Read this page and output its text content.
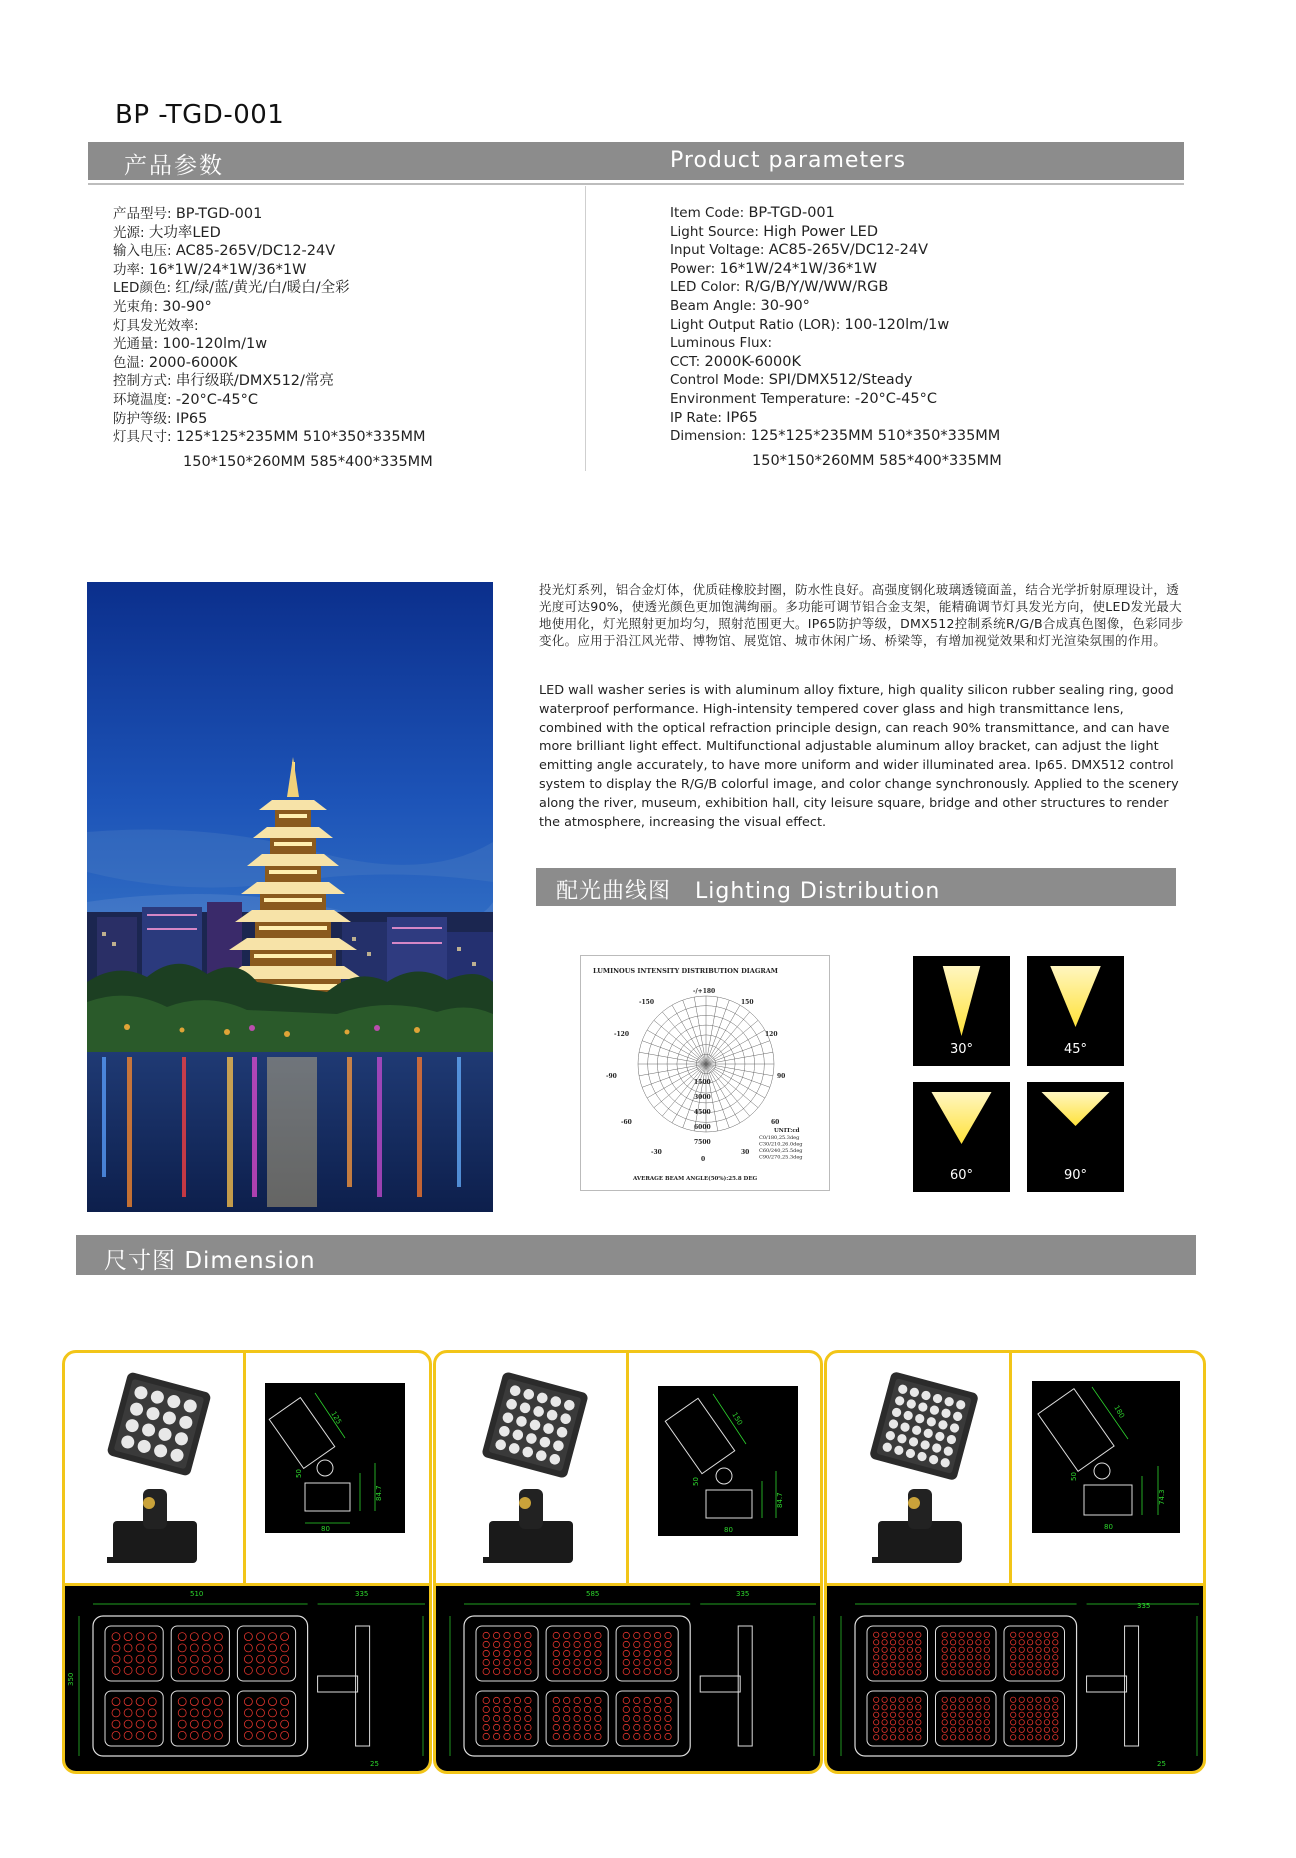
BP -TGD-001
产品参数	Product parameters
产品型号: BP-TGD-001
光源: 大功率LED
输入电压: AC85-265V/DC12-24V
功率: 16*1W/24*1W/36*1W
LED颜色: 红/绿/蓝/黄光/白/暖白/全彩
光束角: 30-90°
灯具发光效率:
光通量: 100-120lm/1w
色温: 2000-6000K
控制方式: 串行级联/DMX512/常亮
环境温度: -20°C-45°C
防护等级: IP65
灯具尺寸: 125*125*235MM 510*350*335MM
150*150*260MM 585*400*335MM
Item Code: BP-TGD-001
Light Source: High Power LED
Input Voltage: AC85-265V/DC12-24V
Power: 16*1W/24*1W/36*1W
LED Color: R/G/B/Y/W/WW/RGB
Beam Angle: 30-90°
Light Output Ratio (LOR): 100-120lm/1w
Luminous Flux:
CCT: 2000K-6000K
Control Mode: SPI/DMX512/Steady
Environment Temperature: -20°C-45°C
IP Rate: IP65
Dimension: 125*125*235MM 510*350*335MM
150*150*260MM 585*400*335MM
投光灯系列，铝合金灯体，优质硅橡胶封圈，防水性良好。高强度钢化玻璃透镜面盖，结合光学折射原理设计，透光度可达90%，使透光颜色更加饱满绚丽。多功能可调节铝合金支架，能精确调节灯具发光方向，使LED发光最大地使用化，灯光照射更加均匀，照射范围更大。IP65防护等级，DMX512控制系统R/G/B合成真色图像，色彩同步变化。应用于沿江风光带、博物馆、展览馆、城市休闲广场、桥梁等，有增加视觉效果和灯光渲染氛围的作用。
LED wall washer series is with aluminum alloy fixture, high quality silicon rubber sealing ring, good waterproof performance. High-intensity tempered cover glass and high transmittance lens, combined with the optical refraction principle design, can reach 90% transmittance, and can have more brilliant light effect. Multifunctional adjustable aluminum alloy bracket, can adjust the light emitting angle accurately, to have more uniform and wider illuminated area. Ip65. DMX512 control system to display the R/G/B colorful image, and color change synchronously. Applied to the scenery along the river, museum, exhibition hall, city leisure square, bridge and other structures to render the atmosphere, increasing the visual effect.
配光曲线图 Lighting Distribution
LUMINOUS INTENSITY DISTRIBUTION DIAGRAM
-/+180
-150	150
-120	120
-90	90
-60	60
-30	30
0
1500
3000
4500
6000
7500
UNIT:cd
C0/180,25.3deg
C30/210,26.0deg
C60/240,25.5deg
C90/270,25.3deg
AVERAGE BEAM ANGLE(50%):25.8 DEG
30°	45°
60°	90°
尺寸图 Dimension
125
50
84.7
80
510	335
350
25
150
50
84.7
80
585	335
180
50
74.3
80
335
25
